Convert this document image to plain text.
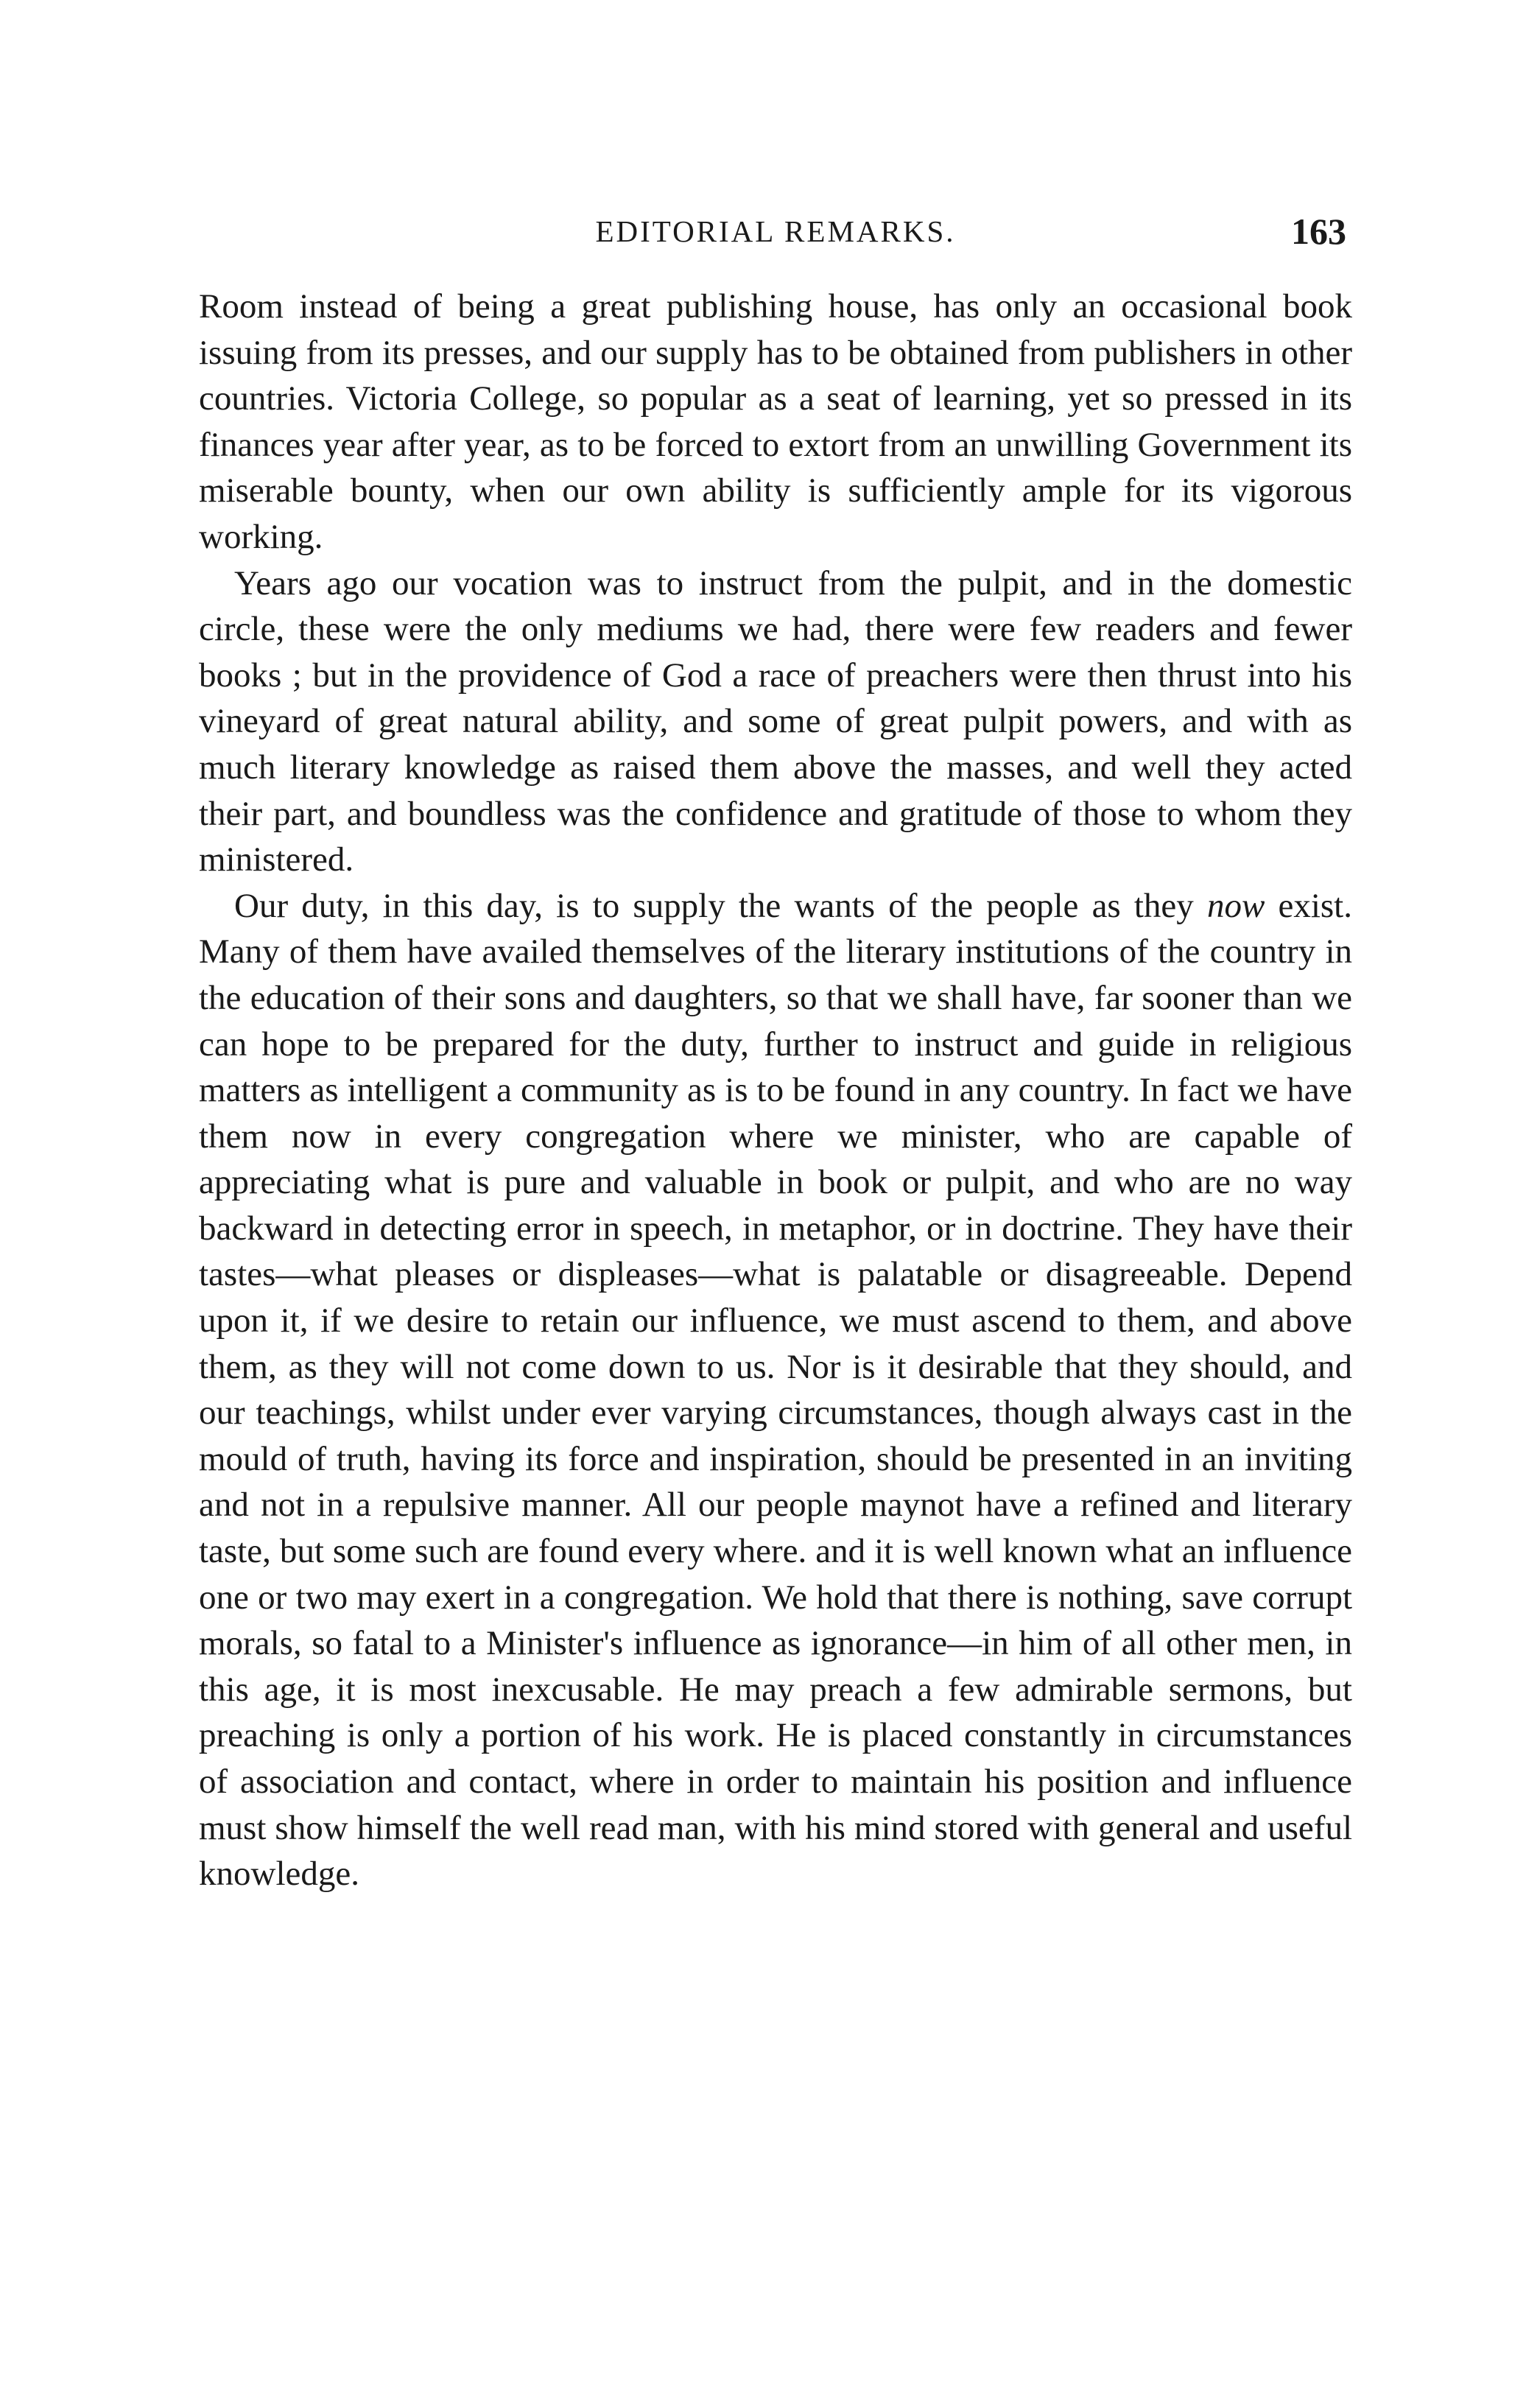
EDITORIAL REMARKS.	163

Room instead of being a great publishing house, has only an occasional book issuing from its presses, and our supply has to be obtained from publishers in other countries. Victoria College, so popular as a seat of learning, yet so pressed in its finances year after year, as to be forced to extort from an unwilling Government its miserable bounty, when our own ability is sufficiently ample for its vigorous working.

Years ago our vocation was to instruct from the pulpit, and in the domestic circle, these were the only mediums we had, there were few readers and fewer books ; but in the providence of God a race of preachers were then thrust into his vineyard of great natural ability, and some of great pulpit powers, and with as much literary knowledge as raised them above the masses, and well they acted their part, and boundless was the confidence and gratitude of those to whom they ministered.

Our duty, in this day, is to supply the wants of the people as they now exist. Many of them have availed themselves of the literary institutions of the country in the education of their sons and daughters, so that we shall have, far sooner than we can hope to be prepared for the duty, further to instruct and guide in religious matters as intelligent a community as is to be found in any country. In fact we have them now in every congregation where we minister, who are capable of appreciating what is pure and valuable in book or pulpit, and who are no way backward in detecting error in speech, in metaphor, or in doctrine. They have their tastes—what pleases or displeases—what is palatable or disagreeable. Depend upon it, if we desire to retain our influence, we must ascend to them, and above them, as they will not come down to us. Nor is it desirable that they should, and our teachings, whilst under ever varying circumstances, though always cast in the mould of truth, having its force and inspiration, should be presented in an inviting and not in a repulsive manner. All our people maynot have a refined and literary taste, but some such are found every where. and it is well known what an influence one or two may exert in a congregation. We hold that there is nothing, save corrupt morals, so fatal to a Minister's influence as ignorance—in him of all other men, in this age, it is most inexcusable. He may preach a few admirable sermons, but preaching is only a portion of his work. He is placed constantly in circumstances of association and contact, where in order to maintain his position and influence must show himself the well read man, with his mind stored with general and useful knowledge.
